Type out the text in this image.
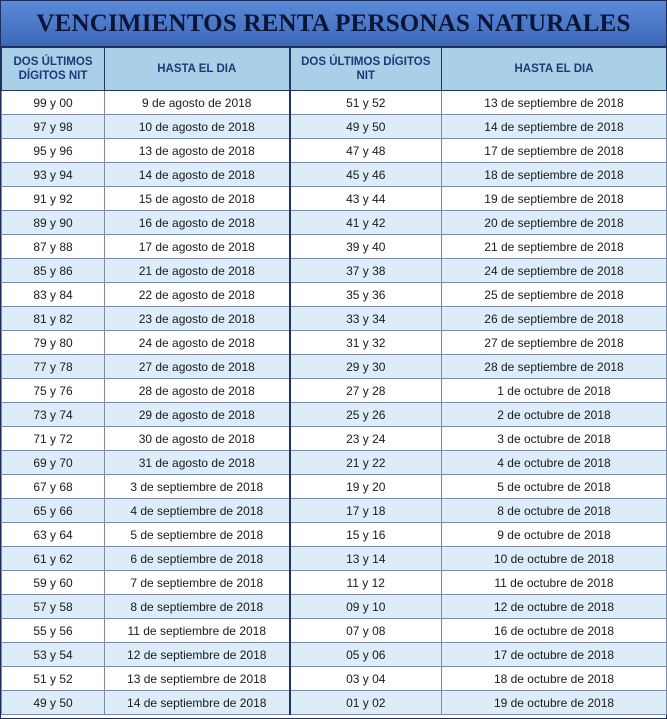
VENCIMIENTOS RENTA PERSONAS NATURALES
DOS ÚLTIMOS DÍGITOS NIT	HASTA EL DIA	DOS ÚLTIMOS DÍGITOS NIT	HASTA EL DIA
99 y 00	9 de agosto de 2018	51 y 52	13 de septiembre de 2018
97 y 98	10 de agosto de 2018	49 y 50	14 de septiembre de 2018
95 y 96	13 de agosto de 2018	47 y 48	17 de septiembre de 2018
93 y 94	14 de agosto de 2018	45 y 46	18 de septiembre de 2018
91 y 92	15 de agosto de 2018	43 y 44	19 de septiembre de 2018
89 y 90	16 de agosto de 2018	41 y 42	20 de septiembre de 2018
87 y 88	17 de agosto de 2018	39 y 40	21 de septiembre de 2018
85 y 86	21 de agosto de 2018	37 y 38	24 de septiembre de 2018
83 y 84	22 de agosto de 2018	35 y 36	25 de septiembre de 2018
81 y 82	23 de agosto de 2018	33 y 34	26 de septiembre de 2018
79 y 80	24 de agosto de 2018	31 y 32	27 de septiembre de 2018
77 y 78	27 de agosto de 2018	29 y 30	28 de septiembre de 2018
75 y 76	28 de agosto de 2018	27 y 28	1 de octubre de 2018
73 y 74	29 de agosto de 2018	25 y 26	2 de octubre de 2018
71 y 72	30 de agosto de 2018	23 y 24	3 de octubre de 2018
69 y 70	31 de agosto de 2018	21 y 22	4 de octubre de 2018
67 y 68	3 de septiembre de 2018	19 y 20	5 de octubre de 2018
65 y 66	4 de septiembre de 2018	17 y 18	8 de octubre de 2018
63 y 64	5 de septiembre de 2018	15 y 16	9 de octubre de 2018
61 y 62	6 de septiembre de 2018	13 y 14	10 de octubre de 2018
59 y 60	7 de septiembre de 2018	11 y 12	11 de octubre de 2018
57 y 58	8 de septiembre de 2018	09 y 10	12 de octubre de 2018
55 y 56	11 de septiembre de 2018	07 y 08	16 de octubre de 2018
53 y 54	12 de septiembre de 2018	05 y 06	17 de octubre de 2018
51 y 52	13 de septiembre de 2018	03 y 04	18 de octubre de 2018
49 y 50	14 de septiembre de 2018	01 y 02	19 de octubre de 2018
